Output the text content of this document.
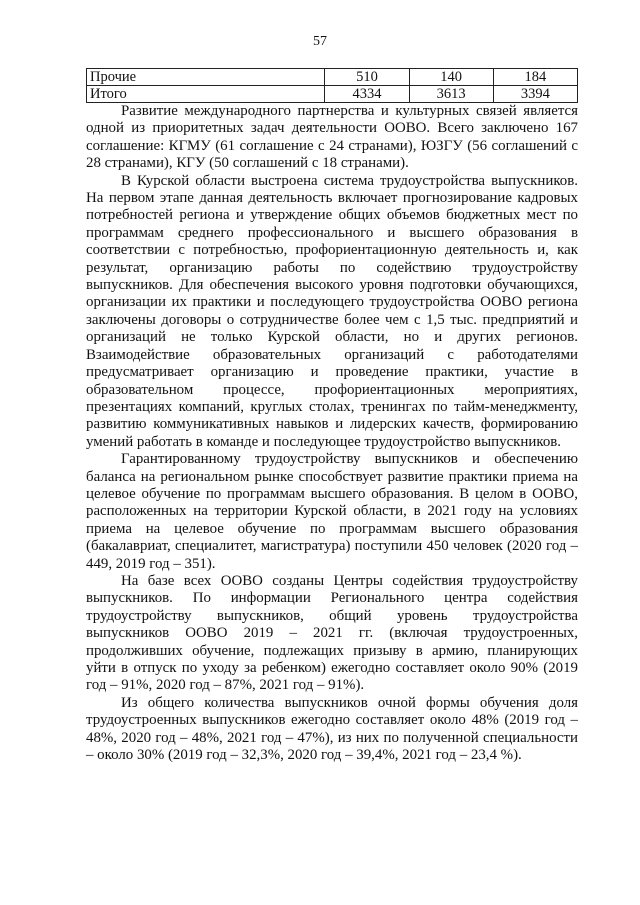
57
Прочие	510	140	184
Итого	4334	3613	3394

Развитие международного партнерства и культурных связей является одной из приоритетных задач деятельности ООВО. Всего заключено 167 соглашение: КГМУ (61 соглашение с 24 странами), ЮЗГУ (56 соглашений с 28 странами), КГУ (50 соглашений с 18 странами).

В Курской области выстроена система трудоустройства выпускников. На первом этапе данная деятельность включает прогнозирование кадровых потребностей региона и утверждение общих объемов бюджетных мест по программам среднего профессионального и высшего образования в соответствии с потребностью, профориентационную деятельность и, как результат, организацию работы по содействию трудоустройству выпускников. Для обеспечения высокого уровня подготовки обучающихся, организации их практики и последующего трудоустройства ООВО региона заключены договоры о сотрудничестве более чем с 1,5 тыс. предприятий и организаций не только Курской области, но и других регионов. Взаимодействие образовательных организаций с работодателями предусматривает организацию и проведение практики, участие в образовательном процессе, профориентационных мероприятиях, презентациях компаний, круглых столах, тренингах по тайм-менеджменту, развитию коммуникативных навыков и лидерских качеств, формированию умений работать в команде и последующее трудоустройство выпускников.

Гарантированному трудоустройству выпускников и обеспечению баланса на региональном рынке способствует развитие практики приема на целевое обучение по программам высшего образования. В целом в ООВО, расположенных на территории Курской области, в 2021 году на условиях приема на целевое обучение по программам высшего образования (бакалавриат, специалитет, магистратура) поступили 450 человек (2020 год – 449, 2019 год – 351).

На базе всех ООВО созданы Центры содействия трудоустройству выпускников. По информации Регионального центра содействия трудоустройству выпускников, общий уровень трудоустройства выпускников ООВО 2019 – 2021 гг. (включая трудоустроенных, продолживших обучение, подлежащих призыву в армию, планирующих уйти в отпуск по уходу за ребенком) ежегодно составляет около 90% (2019 год – 91%, 2020 год – 87%, 2021 год – 91%).

Из общего количества выпускников очной формы обучения доля трудоустроенных выпускников ежегодно составляет около 48% (2019 год – 48%, 2020 год – 48%, 2021 год – 47%), из них по полученной специальности – около 30% (2019 год – 32,3%, 2020 год – 39,4%, 2021 год – 23,4 %).
